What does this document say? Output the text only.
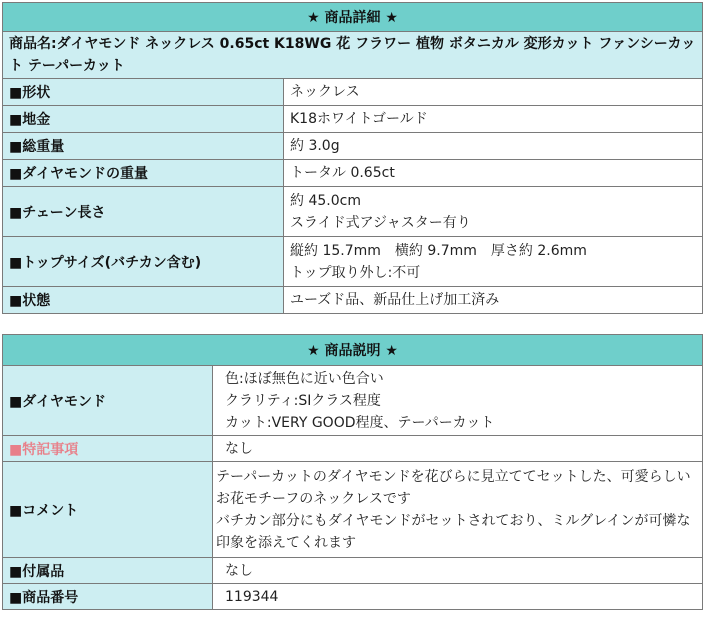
★ 商品詳細 ★	
商品名:ダイヤモンド ネックレス 0.65ct K18WG 花 フラワー 植物 ボタニカル 変形カット ファンシーカット テーパーカット	
■形状	ネックレス
■地金	K18ホワイトゴールド
■総重量	約 3.0g
■ダイヤモンドの重量	トータル 0.65ct
■チェーン長さ	約 45.0cm
スライド式アジャスター有り

■トップサイズ(バチカン含む)	縦約 15.7mm　横約 9.7mm　厚さ約 2.6mm
トップ取り外し:不可

■状態	ユーズド品、新品仕上げ加工済み
★ 商品説明 ★	
■ダイヤモンド	色:ほぼ無色に近い色合い
クラリティ:SIクラス程度
カット:VERY GOOD程度、テーパーカット

■特記事項	なし
■コメント	テーパーカットのダイヤモンドを花びらに見立ててセットした、可愛らしいお花モチーフのネックレスです
バチカン部分にもダイヤモンドがセットされており、ミルグレインが可憐な印象を添えてくれます

■付属品	なし
■商品番号	119344
